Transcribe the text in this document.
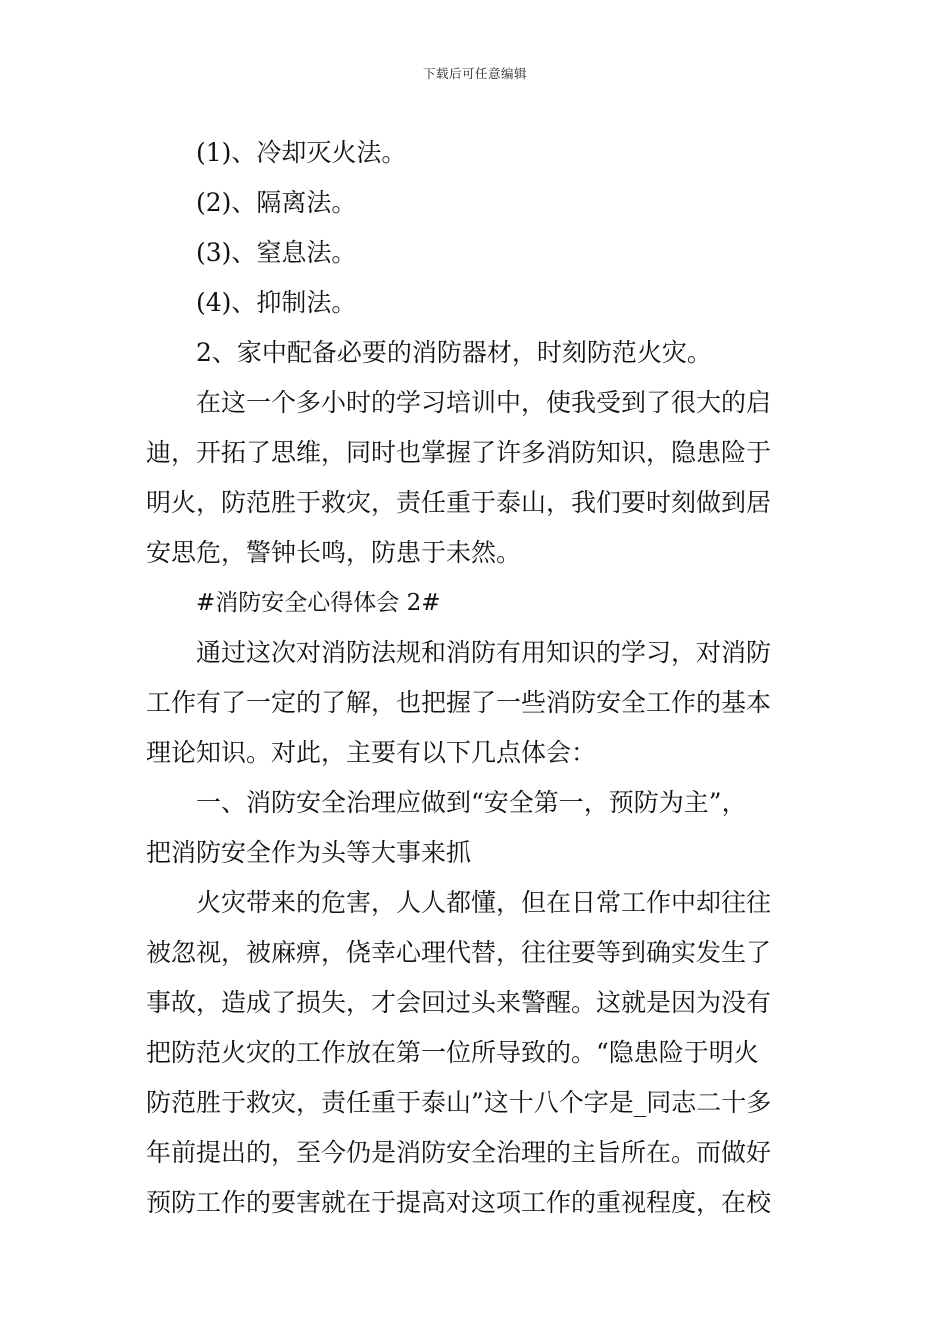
下载后可任意编辑
(1)、冷却灭火法。
(2)、隔离法。
(3)、窒息法。
(4)、抑制法。
2、家中配备必要的消防器材，时刻防范火灾。
在这一个多小时的学习培训中，使我受到了很大的启
迪，开拓了思维，同时也掌握了许多消防知识，隐患险于
明火，防范胜于救灾，责任重于泰山，我们要时刻做到居
安思危，警钟长鸣，防患于未然。
#消防安全心得体会 2#
通过这次对消防法规和消防有用知识的学习，对消防
工作有了一定的了解，也把握了一些消防安全工作的基本
理论知识。对此，主要有以下几点体会：
一、消防安全治理应做到“安全第一，预防为主”，
把消防安全作为头等大事来抓
火灾带来的危害，人人都懂，但在日常工作中却往往
被忽视，被麻痹，侥幸心理代替，往往要等到确实发生了
事故，造成了损失，才会回过头来警醒。这就是因为没有
把防范火灾的工作放在第一位所导致的。“隐患险于明火
防范胜于救灾，责任重于泰山”这十八个字是_同志二十多
年前提出的，至今仍是消防安全治理的主旨所在。而做好
预防工作的要害就在于提高对这项工作的重视程度，在校
